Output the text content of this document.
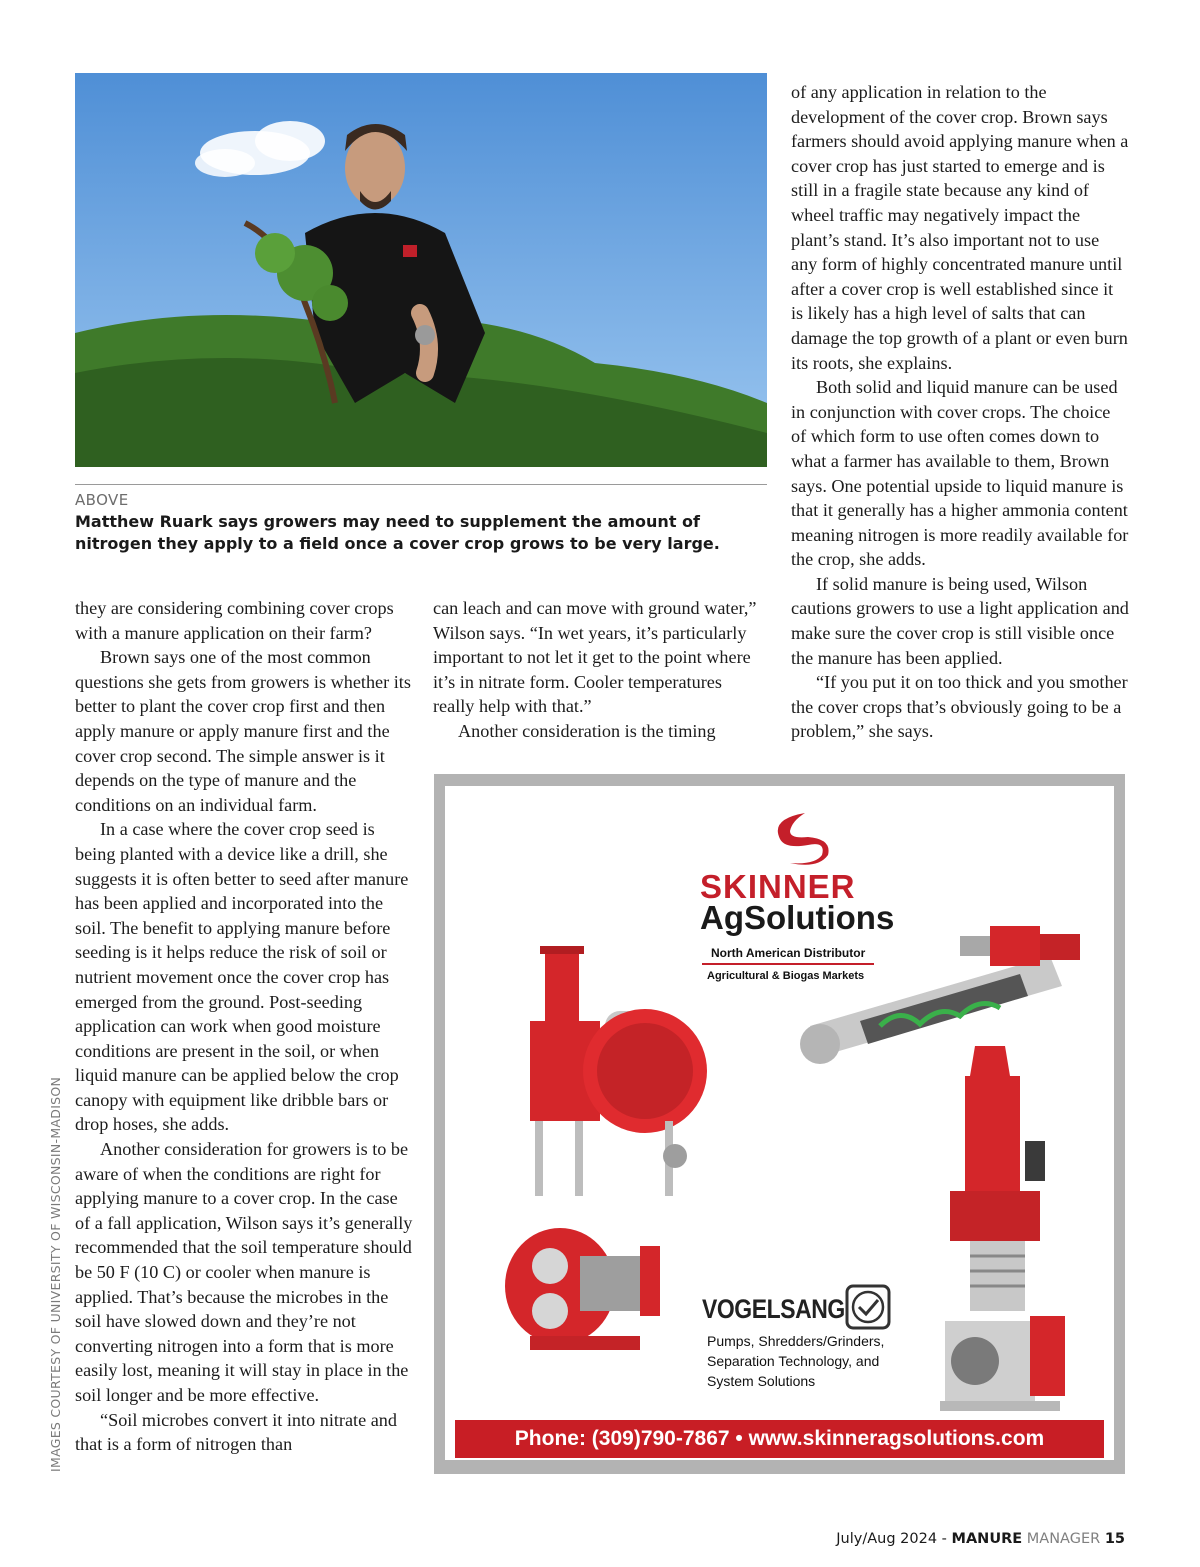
ABOVE
Matthew Ruark says growers may need to supplement the amount of nitrogen they apply to a field once a cover crop grows to be very large.
IMAGES COURTESY OF UNIVERSITY OF WISCONSIN-MADISON

they are considering combining cover crops with a manure application on their farm?

Brown says one of the most common questions she gets from growers is whether its better to plant the cover crop first and then apply manure or apply manure first and the cover crop second. The simple answer is it depends on the type of manure and the conditions on an individual farm.

In a case where the cover crop seed is being planted with a device like a drill, she suggests it is often better to seed after manure has been applied and incorporated into the soil. The benefit to applying manure before seeding is it helps reduce the risk of soil or nutrient movement once the cover crop has emerged from the ground. Post-seeding application can work when good moisture conditions are present in the soil, or when liquid manure can be applied below the crop canopy with equipment like dribble bars or drop hoses, she adds.

Another consideration for growers is to be aware of when the conditions are right for applying manure to a cover crop. In the case of a fall application, Wilson says it’s generally recommended that the soil temperature should be 50 F (10 C) or cooler when manure is applied. That’s because the microbes in the soil have slowed down and they’re not converting nitrogen into a form that is more easily lost, meaning it will stay in place in the soil longer and be more effective.

“Soil microbes convert it into nitrate and that is a form of nitrogen than

can leach and can move with ground water,” Wilson says. “In wet years, it’s particularly important to not let it get to the point where it’s in nitrate form. Cooler temperatures really help with that.”

Another consideration is the timing

of any application in relation to the development of the cover crop. Brown says farmers should avoid applying manure when a cover crop has just started to emerge and is still in a fragile state because any kind of wheel traffic may negatively impact the plant’s stand. It’s also important not to use any form of highly concentrated manure until after a cover crop is well established since it is likely has a high level of salts that can damage the top growth of a plant or even burn its roots, she explains.

Both solid and liquid manure can be used in conjunction with cover crops. The choice of which form to use often comes down to what a farmer has available to them, Brown says. One potential upside to liquid manure is that it generally has a higher ammonia content meaning nitrogen is more readily available for the crop, she adds.

If solid manure is being used, Wilson cautions growers to use a light application and make sure the cover crop is still visible once the manure has been applied.

“If you put it on too thick and you smother the cover crops that’s obviously going to be a problem,” she says.

SKINNER
AgSolutions
North American Distributor
Agricultural & Biogas Markets
VOGELSANG
Pumps, Shredders/Grinders,
Separation Technology, and
System Solutions
Phone: (309)790-7867 • www.skinneragsolutions.com
July/Aug 2024 - MANURE MANAGER 15
